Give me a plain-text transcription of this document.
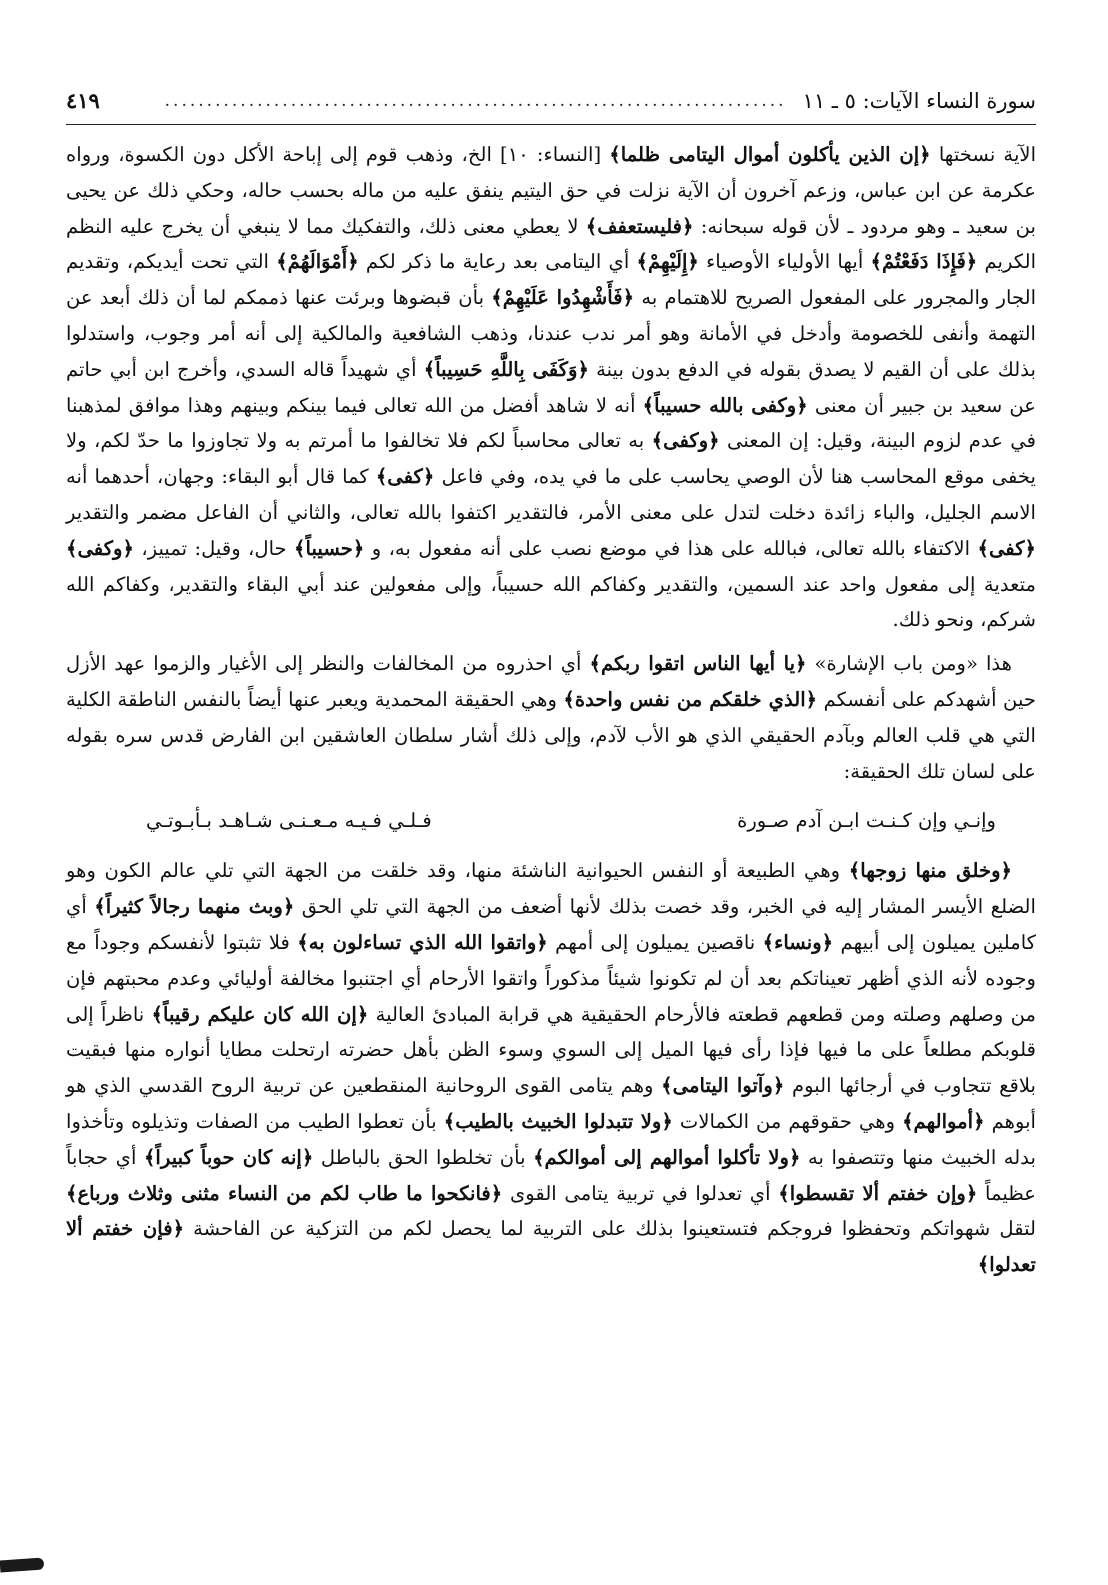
سورة النساء الآيات: ٥ ـ ١١
..........................................................................
٤١٩

الآية نسختها ﴿إن الذين يأكلون أموال اليتامى ظلما﴾ [النساء: ١٠] الخ، وذهب قوم إلى إباحة الأكل دون الكسوة، ورواه عكرمة عن ابن عباس، وزعم آخرون أن الآية نزلت في حق اليتيم ينفق عليه من ماله بحسب حاله، وحكي ذلك عن يحيى بن سعيد ـ وهو مردود ـ لأن قوله سبحانه: ﴿فليستعفف﴾ لا يعطي معنى ذلك، والتفكيك مما لا ينبغي أن يخرج عليه النظم الكريم ﴿فَإِذَا دَفَعْتُمْ﴾ أيها الأولياء الأوصياء ﴿إِلَيْهِمْ﴾ أي اليتامى بعد رعاية ما ذكر لكم ﴿أَمْوَالَهُمْ﴾ التي تحت أيديكم، وتقديم الجار والمجرور على المفعول الصريح للاهتمام به ﴿فَأَشْهِدُوا عَلَيْهِمْ﴾ بأن قبضوها وبرئت عنها ذممكم لما أن ذلك أبعد عن التهمة وأنفى للخصومة وأدخل في الأمانة وهو أمر ندب عندنا، وذهب الشافعية والمالكية إلى أنه أمر وجوب، واستدلوا بذلك على أن القيم لا يصدق بقوله في الدفع بدون بينة ﴿وَكَفَى بِاللَّهِ حَسِيباً﴾ أي شهيداً قاله السدي، وأخرج ابن أبي حاتم عن سعيد بن جبير أن معنى ﴿وكفى بالله حسيباً﴾ أنه لا شاهد أفضل من الله تعالى فيما بينكم وبينهم وهذا موافق لمذهبنا في عدم لزوم البينة، وقيل: إن المعنى ﴿وكفى﴾ به تعالى محاسباً لكم فلا تخالفوا ما أمرتم به ولا تجاوزوا ما حدّ لكم، ولا يخفى موقع المحاسب هنا لأن الوصي يحاسب على ما في يده، وفي فاعل ﴿كفى﴾ كما قال أبو البقاء: وجهان، أحدهما أنه الاسم الجليل، والباء زائدة دخلت لتدل على معنى الأمر، فالتقدير اكتفوا بالله تعالى، والثاني أن الفاعل مضمر والتقدير ﴿كفى﴾ الاكتفاء بالله تعالى، فبالله على هذا في موضع نصب على أنه مفعول به، و ﴿حسيباً﴾ حال، وقيل: تمييز، ﴿وكفى﴾ متعدية إلى مفعول واحد عند السمين، والتقدير وكفاكم الله حسيباً، وإلى مفعولين عند أبي البقاء والتقدير، وكفاكم الله شركم، ونحو ذلك.

هذا «ومن باب الإشارة» ﴿يا أيها الناس اتقوا ربكم﴾ أي احذروه من المخالفات والنظر إلى الأغيار والزموا عهد الأزل حين أشهدكم على أنفسكم ﴿الذي خلقكم من نفس واحدة﴾ وهي الحقيقة المحمدية ويعبر عنها أيضاً بالنفس الناطقة الكلية التي هي قلب العالم وبآدم الحقيقي الذي هو الأب لآدم، وإلى ذلك أشار سلطان العاشقين ابن الفارض قدس سره بقوله على لسان تلك الحقيقة:

وإنـي وإن كـنـت ابـن آدم صـورة
فـلـي فـيـه مـعـنـى شـاهـد بـأبـوتـي

﴿وخلق منها زوجها﴾ وهي الطبيعة أو النفس الحيوانية الناشئة منها، وقد خلقت من الجهة التي تلي عالم الكون وهو الضلع الأيسر المشار إليه في الخبر، وقد خصت بذلك لأنها أضعف من الجهة التي تلي الحق ﴿وبث منهما رجالاً كثيراً﴾ أي كاملين يميلون إلى أبيهم ﴿ونساء﴾ ناقصين يميلون إلى أمهم ﴿واتقوا الله الذي تساءلون به﴾ فلا تثبتوا لأنفسكم وجوداً مع وجوده لأنه الذي أظهر تعيناتكم بعد أن لم تكونوا شيئاً مذكوراً واتقوا الأرحام أي اجتنبوا مخالفة أوليائي وعدم محبتهم فإن من وصلهم وصلته ومن قطعهم قطعته فالأرحام الحقيقية هي قرابة المبادئ العالية ﴿إن الله كان عليكم رقيباً﴾ ناظراً إلى قلوبكم مطلعاً على ما فيها فإذا رأى فيها الميل إلى السوي وسوء الظن بأهل حضرته ارتحلت مطايا أنواره منها فبقيت بلاقع تتجاوب في أرجائها البوم ﴿وآتوا اليتامى﴾ وهم يتامى القوى الروحانية المنقطعين عن تربية الروح القدسي الذي هو أبوهم ﴿أموالهم﴾ وهي حقوقهم من الكمالات ﴿ولا تتبدلوا الخبيث بالطيب﴾ بأن تعطوا الطيب من الصفات وتذيلوه وتأخذوا بدله الخبيث منها وتتصفوا به ﴿ولا تأكلوا أموالهم إلى أموالكم﴾ بأن تخلطوا الحق بالباطل ﴿إنه كان حوباً كبيراً﴾ أي حجاباً عظيماً ﴿وإن خفتم ألا تقسطوا﴾ أي تعدلوا في تربية يتامى القوى ﴿فانكحوا ما طاب لكم من النساء مثنى وثلاث ورباع﴾ لتقل شهواتكم وتحفظوا فروجكم فتستعينوا بذلك على التربية لما يحصل لكم من التزكية عن الفاحشة ﴿فإن خفتم ألا تعدلوا﴾
